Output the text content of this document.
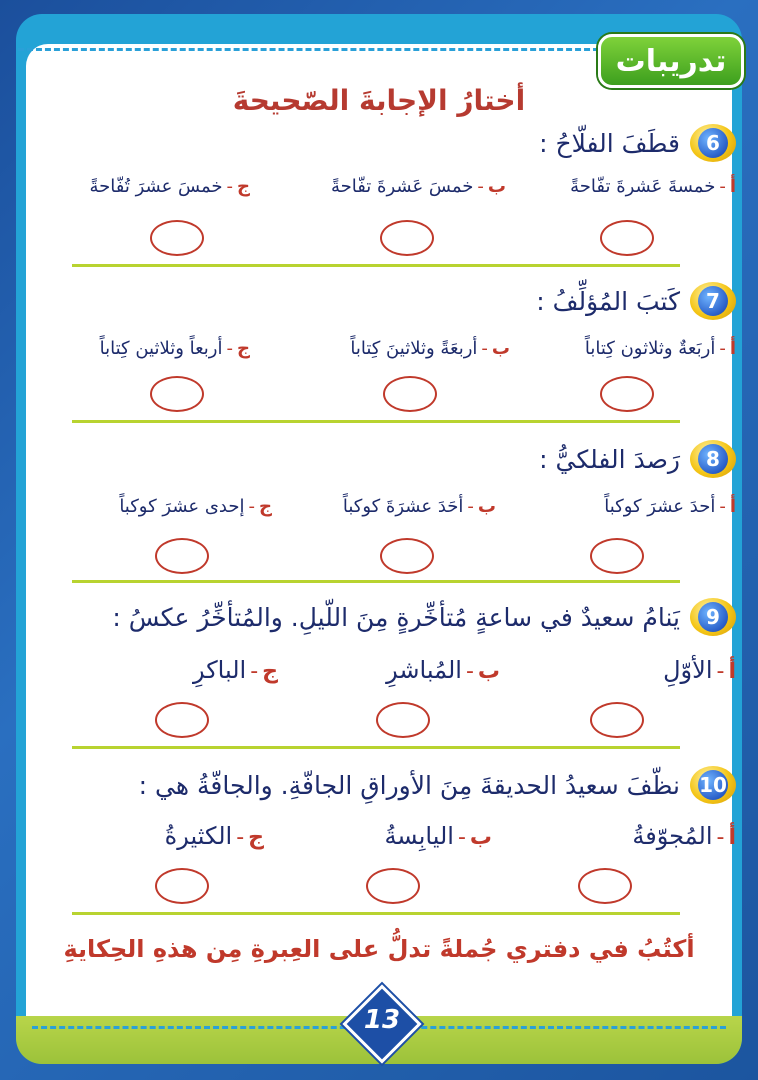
تدريبات
أختارُ الإجابةَ الصّحيحةَ
6
قطَفَ الفلّاحُ :
أ-خمسةَ عَشرةَ تفّاحةً
ب-خمسَ عَشرةَ تفّاحةً
ج-خمسَ عشرَ تُفّاحةً
7
كَتبَ المُؤلِّفُ :
أ-أربَعةٌ وثلاثون كِتاباً
ب-أربعَةً وثلاثينَ كِتاباً
ج-أربعاً وثلاثين كِتاباً
8
رَصدَ الفلكيُّ :
أ-أحدَ عشرَ كوكباً
ب-أحَدَ عشرَةَ كوكباً
ج-إحدى عشرَ كوكباً
9
يَنامُ سعيدٌ في ساعةٍ مُتأخِّرةٍ مِنَ اللّيلِ. والمُتأخِّرُ عكسُ :
أ-الأوّلِ
ب-المُباشرِ
ج-الباكرِ
10
نظّفَ سعيدُ الحديقةَ مِنَ الأوراقِ الجافّةِ. والجافّةُ هي :
أ-المُجوّفةُ
ب-اليابِسةُ
ج-الكثيرةُ
أكتُبُ في دفتري جُملةً تدلُّ على العِبرةِ مِن هذهِ الحِكايةِ
13
